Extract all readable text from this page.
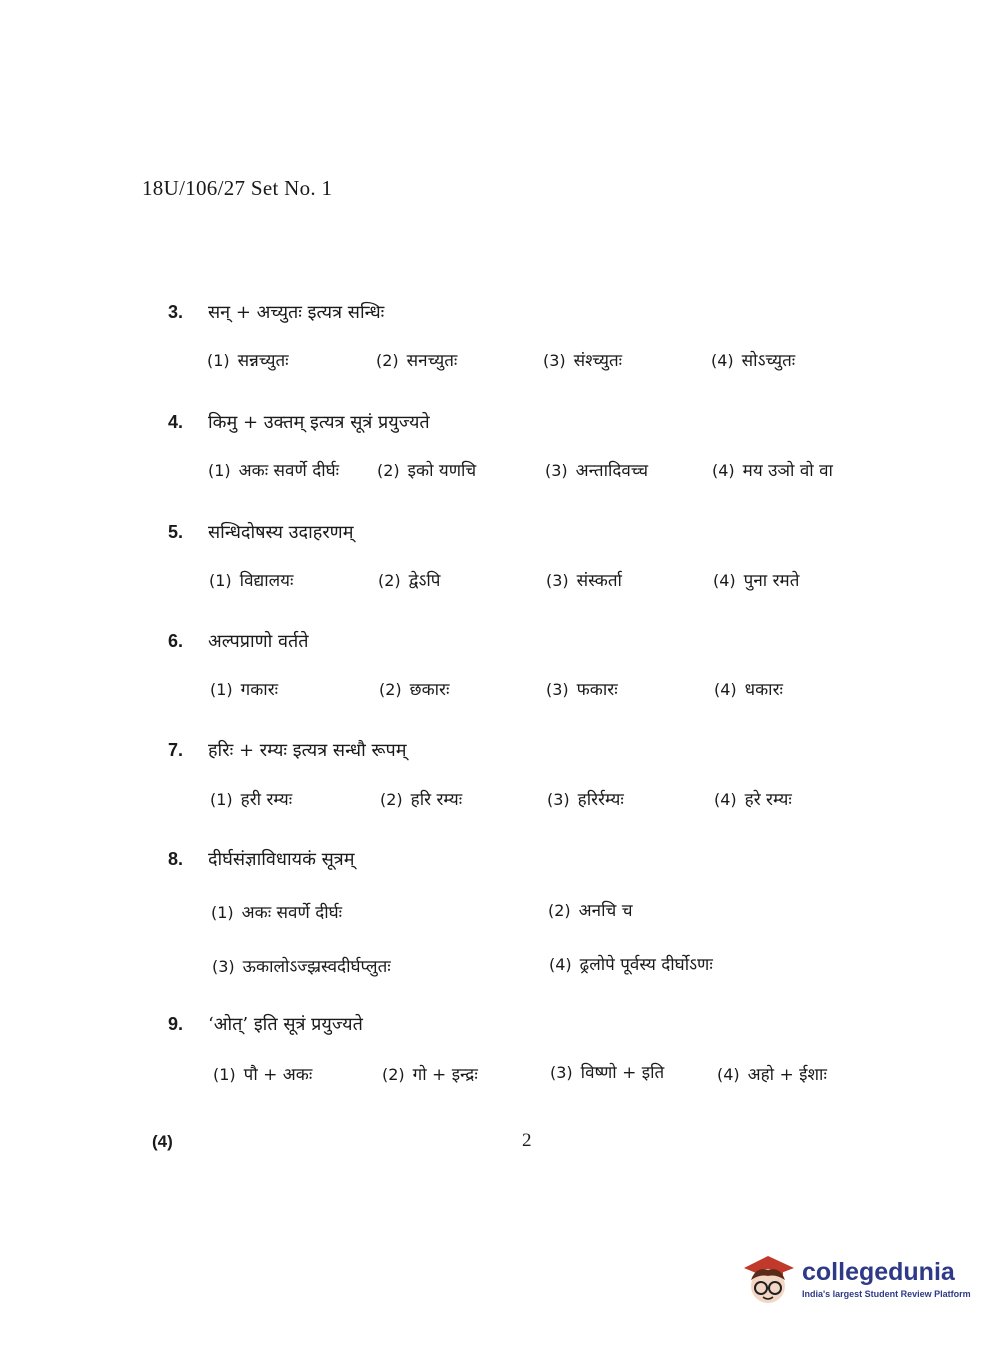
18U/106/27 Set No. 1
3.	सन् + अच्युतः इत्यत्र सन्धिः
(1) सन्नच्युतः	(2) सनच्युतः	(3) संश्च्युतः	(4) सोऽच्युतः
4.	किमु + उक्तम् इत्यत्र सूत्रं प्रयुज्यते
(1) अकः सवर्णे दीर्घः (2) इको यणचि	(3) अन्तादिवच्च	(4) मय उञो वो वा
5.	सन्धिदोषस्य उदाहरणम्
(1) विद्यालयः	(2) द्वेऽपि	(3) संस्कर्ता	(4) पुना रमते
6.	अल्पप्राणो वर्तते
(1) गकारः	(2) छकारः	(3) फकारः	(4) धकारः
7.	हरिः + रम्यः इत्यत्र सन्धौ रूपम्
(1) हरी रम्यः	(2) हरि रम्यः	(3) हरिर्रम्यः	(4) हरे रम्यः
8.	दीर्घसंज्ञाविधायकं सूत्रम्
(1) अकः सवर्णे दीर्घः	(2) अनचि च
(3) ऊकालोऽज्झ्रस्वदीर्घप्लुतः	(4) ढ्रलोपे पूर्वस्य दीर्घोऽणः
9.	‘ओत्’ इति सूत्रं प्रयुज्यते
(1) पौ + अकः	(2) गो + इन्द्रः	(3) विष्णो + इति	(4) अहो + ईशाः
(4)	2
collegedunia
India's largest Student Review Platform
